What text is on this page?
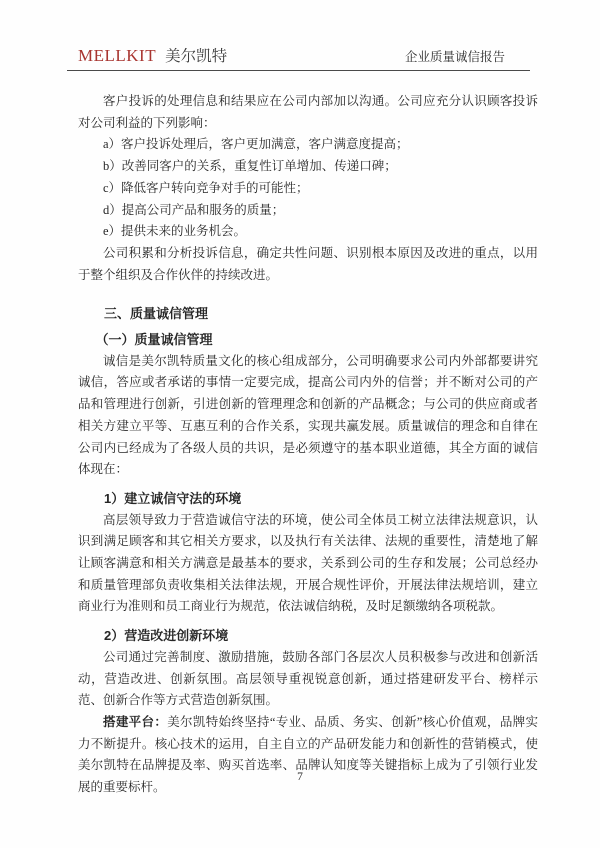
MELLKIT 美尔凯特	企业质量诚信报告

客户投诉的处理信息和结果应在公司内部加以沟通。公司应充分认识顾客投诉对公司利益的下列影响：

a）客户投诉处理后，客户更加满意，客户满意度提高；
b）改善同客户的关系，重复性订单增加、传递口碑；
c）降低客户转向竞争对手的可能性；
d）提高公司产品和服务的质量；
e）提供未来的业务机会。

公司积累和分析投诉信息，确定共性问题、识别根本原因及改进的重点，以用于整个组织及合作伙伴的持续改进。

三、质量诚信管理
（一）质量诚信管理

诚信是美尔凯特质量文化的核心组成部分，公司明确要求公司内外部都要讲究诚信，答应或者承诺的事情一定要完成，提高公司内外的信誉；并不断对公司的产品和管理进行创新，引进创新的管理理念和创新的产品概念；与公司的供应商或者相关方建立平等、互惠互利的合作关系，实现共赢发展。质量诚信的理念和自律在公司内已经成为了各级人员的共识，是必须遵守的基本职业道德，其全方面的诚信体现在：

1）建立诚信守法的环境

高层领导致力于营造诚信守法的环境，使公司全体员工树立法律法规意识，认识到满足顾客和其它相关方要求，以及执行有关法律、法规的重要性，清楚地了解让顾客满意和相关方满意是最基本的要求，关系到公司的生存和发展；公司总经办和质量管理部负责收集相关法律法规，开展合规性评价，开展法律法规培训，建立商业行为准则和员工商业行为规范，依法诚信纳税，及时足额缴纳各项税款。

2）营造改进创新环境

公司通过完善制度、激励措施，鼓励各部门各层次人员积极参与改进和创新活动，营造改进、创新氛围。高层领导重视锐意创新，通过搭建研发平台、榜样示范、创新合作等方式营造创新氛围。

搭建平台：美尔凯特始终坚持“专业、品质、务实、创新”核心价值观，品牌实力不断提升。核心技术的运用，自主自立的产品研发能力和创新性的营销模式，使美尔凯特在品牌提及率、购买首选率、品牌认知度等关键指标上成为了引领行业发展的重要标杆。

7
